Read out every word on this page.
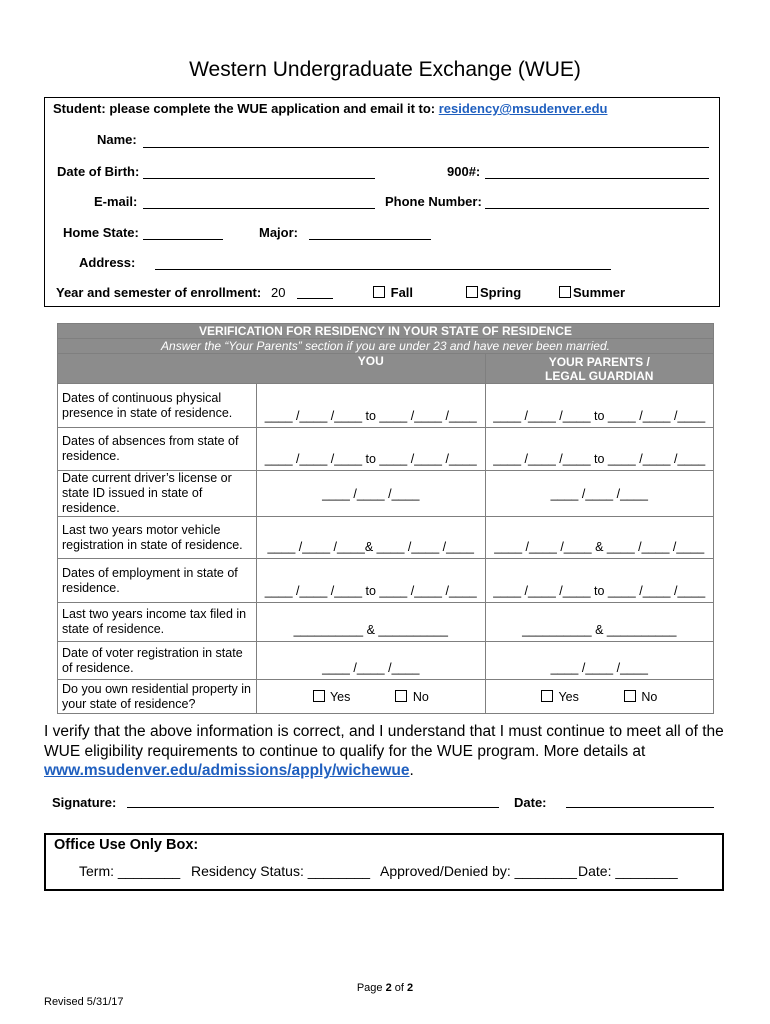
Western Undergraduate Exchange (WUE)
Student: please complete the WUE application and email it to: residency@msudenver.edu
Name:
Date of Birth:	900#:
E-mail:	Phone Number:
Home State:	Major:
Address:
Year and semester of enrollment: 20	Fall	Spring	Summer
VERIFICATION FOR RESIDENCY IN YOUR STATE OF RESIDENCE		
Answer the “Your Parents” section if you are under 23 and have never been married.		
	YOU	YOUR PARENTS /
LEGAL GUARDIAN

Dates of continuous physical presence in state of residence.	____ /____ /____ to ____ /____ /____	____ /____ /____ to ____ /____ /____
Dates of absences from state of residence.	____ /____ /____ to ____ /____ /____	____ /____ /____ to ____ /____ /____
Date current driver’s license or state ID issued in state of residence.	____ /____ /____	____ /____ /____
Last two years motor vehicle registration in state of residence.	____ /____ /____& ____ /____ /____	____ /____ /____ & ____ /____ /____
Dates of employment in state of residence.	____ /____ /____ to ____ /____ /____	____ /____ /____ to ____ /____ /____
Last two years income tax filed in state of residence.	__________ & __________	__________ & __________
Date of voter registration in state of residence.	____ /____ /____	____ /____ /____
Do you own residential property in your state of residence?	Yes No	Yes No
I verify that the above information is correct, and I understand that I must continue to meet all of the WUE eligibility requirements to continue to qualify for the WUE program. More details at www.msudenver.edu/admissions/apply/wichewue.
Signature:	Date:
Office Use Only Box:
Term: ________ Residency Status: ________ Approved/Denied by: ________ Date: ________
Page 2 of 2
Revised 5/31/17
